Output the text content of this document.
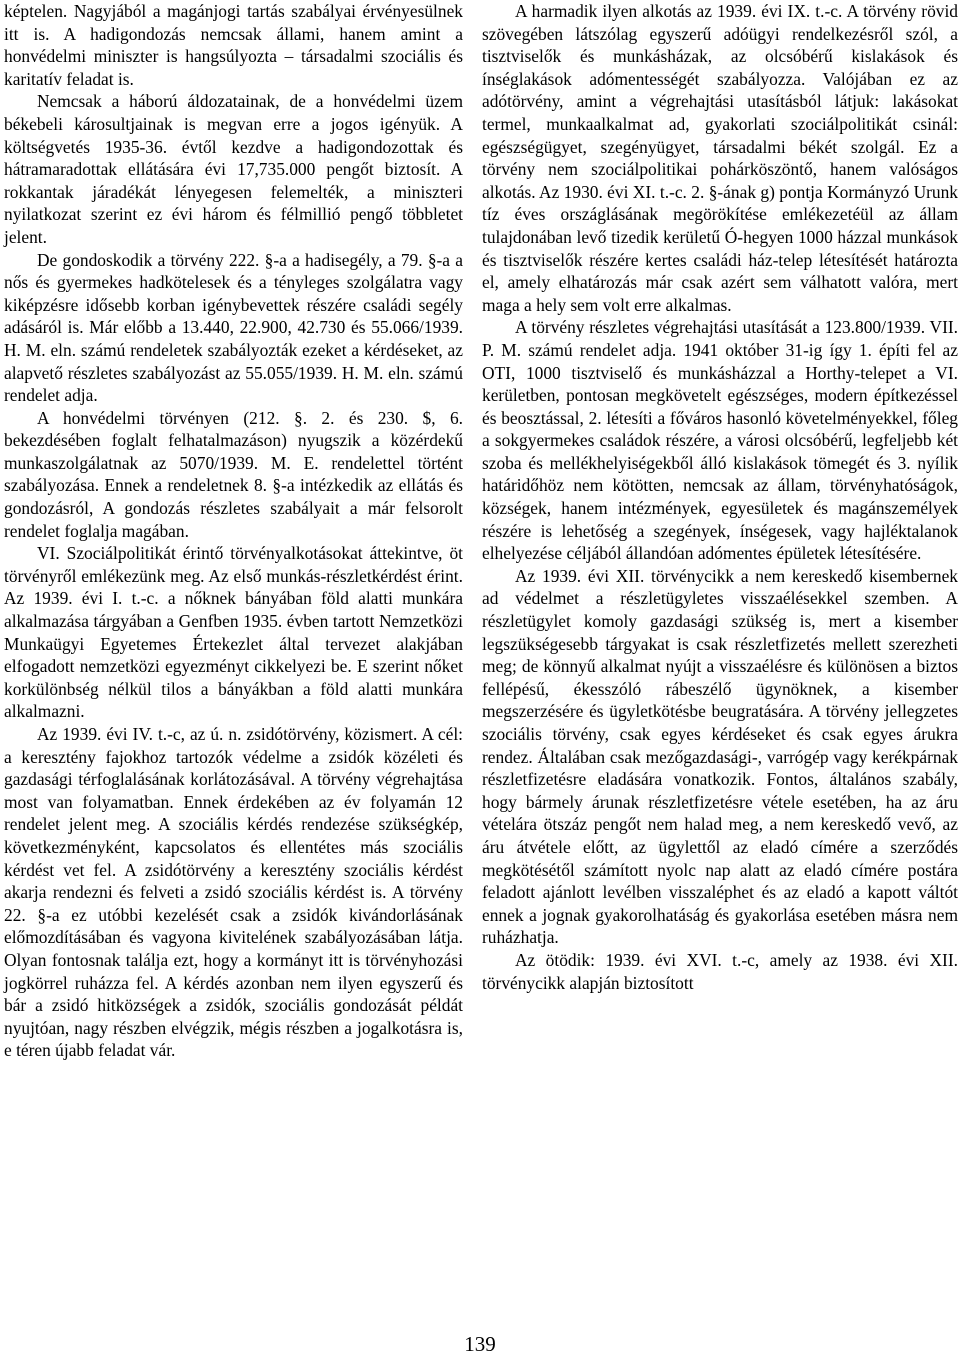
képtelen. Nagyjából a magánjogi tartás szabályai érvényesülnek itt is. A hadigondozás nemcsak állami, hanem amint a honvédelmi miniszter is hangsúlyozta – társadalmi szociális és karitatív feladat is.

Nemcsak a háború áldozatainak, de a honvédelmi üzem békebeli károsultjainak is megvan erre a jogos igényük. A költségvetés 1935-36. évtől kezdve a hadigondozottak és hátramaradottak ellátására évi 17,735.000 pengőt biztosít. A rokkantak járadékát lényegesen felemelték, a miniszteri nyilatkozat szerint ez évi három és félmillió pengő többletet jelent.

De gondoskodik a törvény 222. §-a a hadisegély, a 79. §-a a nős és gyermekes hadkötelesek és a tényleges szolgálatra vagy kiképzésre idősebb korban igénybevettek részére családi segély adásáról is. Már előbb a 13.440, 22.900, 42.730 és 55.066/1939. H. M. eln. számú rendeletek szabályozták ezeket a kérdéseket, az alapvető részletes szabályozást az 55.055/1939. H. M. eln. számú rendelet adja.

A honvédelmi törvényen (212. §. 2. és 230. $, 6. bekezdésében foglalt felhatalmazáson) nyugszik a közérdekű munkaszolgálatnak az 5070/1939. M. E. rendelettel történt szabályozása. Ennek a rendeletnek 8. §-a intézkedik az ellátás és gondozásról, A gondozás részletes szabályait a már felsorolt rendelet foglalja magában.

VI. Szociálpolitikát érintő törvényalkotásokat áttekintve, öt törvényről emlékezünk meg. Az első munkás-részletkérdést érint. Az 1939. évi I. t.-c. a nőknek bányában föld alatti munkára alkalmazása tárgyában a Genfben 1935. évben tartott Nemzetközi Munkaügyi Egyetemes Értekezlet által tervezet alakjában elfogadott nemzetközi egyezményt cikkelyezi be. E szerint nőket korkülönbség nélkül tilos a bányákban a föld alatti munkára alkalmazni.

Az 1939. évi IV. t.-c, az ú. n. zsidótörvény, közismert. A cél: a keresztény fajokhoz tartozók védelme a zsidók közéleti és gazdasági térfoglalásának korlátozásával. A törvény végrehajtása most van folyamatban. Ennek érdekében az év folyamán 12 rendelet jelent meg. A szociális kérdés rendezése szükségkép, következményként, kapcsolatos és ellentétes más szociális kérdést vet fel. A zsidótörvény a keresztény szociális kérdést akarja rendezni és felveti a zsidó szociális kérdést is. A törvény 22. §-a ez utóbbi kezelését csak a zsidók kivándorlásának előmozdításában és vagyona kivitelének szabályozásában látja. Olyan fontosnak találja ezt, hogy a kormányt itt is törvényhozási jogkörrel ruházza fel. A kérdés azonban nem ilyen egyszerű és bár a zsidó hitközségek a zsidók, szociális gondozását példát nyujtóan, nagy részben elvégzik, mégis részben a jogalkotásra is, e téren újabb feladat vár.

A harmadik ilyen alkotás az 1939. évi IX. t.-c. A törvény rövid szövegében látszólag egyszerű adóügyi rendelkezésről szól, a tisztviselők és munkásházak, az olcsóbérű kislakások és ínséglakások adómentességét szabályozza. Valójában ez az adótörvény, amint a végrehajtási utasításból látjuk: lakásokat termel, munkaalkalmat ad, gyakorlati szociálpolitikát csinál: egészségügyet, szegényügyet, társadalmi békét szolgál. Ez a törvény nem szociálpolitikai pohárköszöntő, hanem valóságos alkotás. Az 1930. évi XI. t.-c. 2. §-ának g) pontja Kormányzó Urunk tíz éves országlásának megörökítése emlékezetéül az állam tulajdonában levő tizedik kerületű Ó-hegyen 1000 házzal munkások és tisztviselők részére kertes családi ház-telep létesítését határozta el, amely elhatározás már csak azért sem válhatott valóra, mert maga a hely sem volt erre alkalmas.

A törvény részletes végrehajtási utasítását a 123.800/1939. VII. P. M. számú rendelet adja. 1941 október 31-ig így 1. építi fel az OTI, 1000 tisztviselő és munkásházzal a Horthy-telepet a VI. kerületben, pontosan megkövetelt egészséges, modern építkezéssel és beosztással, 2. létesíti a főváros hasonló követelményekkel, főleg a sokgyermekes családok részére, a városi olcsóbérű, legfeljebb két szoba és mellékhelyiségekből álló kislakások tömegét és 3. nyílik határidőhöz nem kötötten, nemcsak az állam, törvényhatóságok, községek, hanem intézmények, egyesületek és magánszemélyek részére is lehetőség a szegények, ínségesek, vagy hajléktalanok elhelyezése céljából állandóan adómentes épületek létesítésére.

Az 1939. évi XII. törvénycikk a nem kereskedő kisembernek ad védelmet a részletügyletes visszaélésekkel szemben. A részletügylet komoly gazdasági szükség is, mert a kisember legszükségesebb tárgyakat is csak részletfizetés mellett szerezheti meg; de könnyű alkalmat nyújt a visszaélésre és különösen a biztos fellépésű, ékesszóló rábeszélő ügynöknek, a kisember megszerzésére és ügyletkötésbe beugratására. A törvény jellegzetes szociális törvény, csak egyes kérdéseket és csak egyes árukra rendez. Általában csak mezőgazdasági-, varrógép vagy kerékpárnak részletfizetésre eladására vonatkozik. Fontos, általános szabály, hogy bármely árunak részletfizetésre vétele esetében, ha az áru vételára ötszáz pengőt nem halad meg, a nem kereskedő vevő, az áru átvétele előtt, az ügylettől az eladó címére a szerződés megkötésétől számított nyolc nap alatt az eladó címére postára feladott ajánlott levélben visszaléphet és az eladó a kapott váltót ennek a jognak gyakorolhatáság és gyakorlása esetében másra nem ruházhatja.

Az ötödik: 1939. évi XVI. t.-c, amely az 1938. évi XII. törvénycikk alapján biztosított

139
